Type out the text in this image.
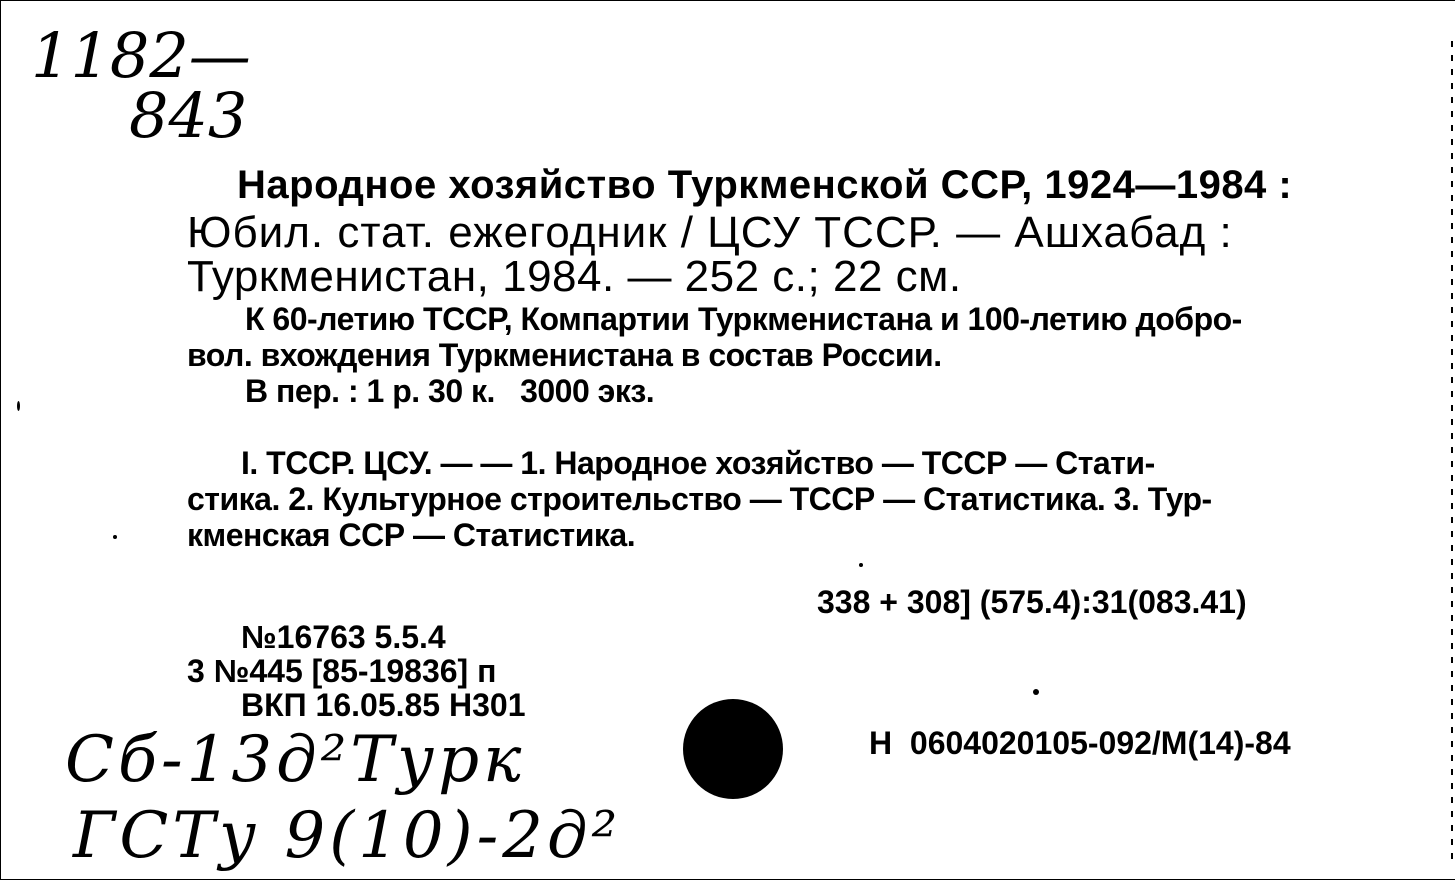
1182—
843
Народное хозяйство Туркменской ССР, 1924—1984 :
Юбил. стат. ежегодник / ЦСУ ТССР. — Ашхабад :
Туркменистан, 1984. — 252 с.; 22 см.
К 60-летию ТССР, Компартии Туркменистана и 100-летию добро-
вол. вхождения Туркменистана в состав России.
В пер. : 1 р. 30 к.   3000 экз.
I. ТССР. ЦСУ. — — 1. Народное хозяйство — ТССР — Стати-
стика. 2. Культурное строительство — ТССР — Статистика. 3. Тур-
кменская ССР — Статистика.
338 + 308] (575.4):31(083.41)
№16763 5.5.4
3 №445 [85-19836] п
ВКП 16.05.85 Н301
Н  0604020105-092/М(14)-84
Сб-13д²Турк
ГСТу 9(10)-2д²
